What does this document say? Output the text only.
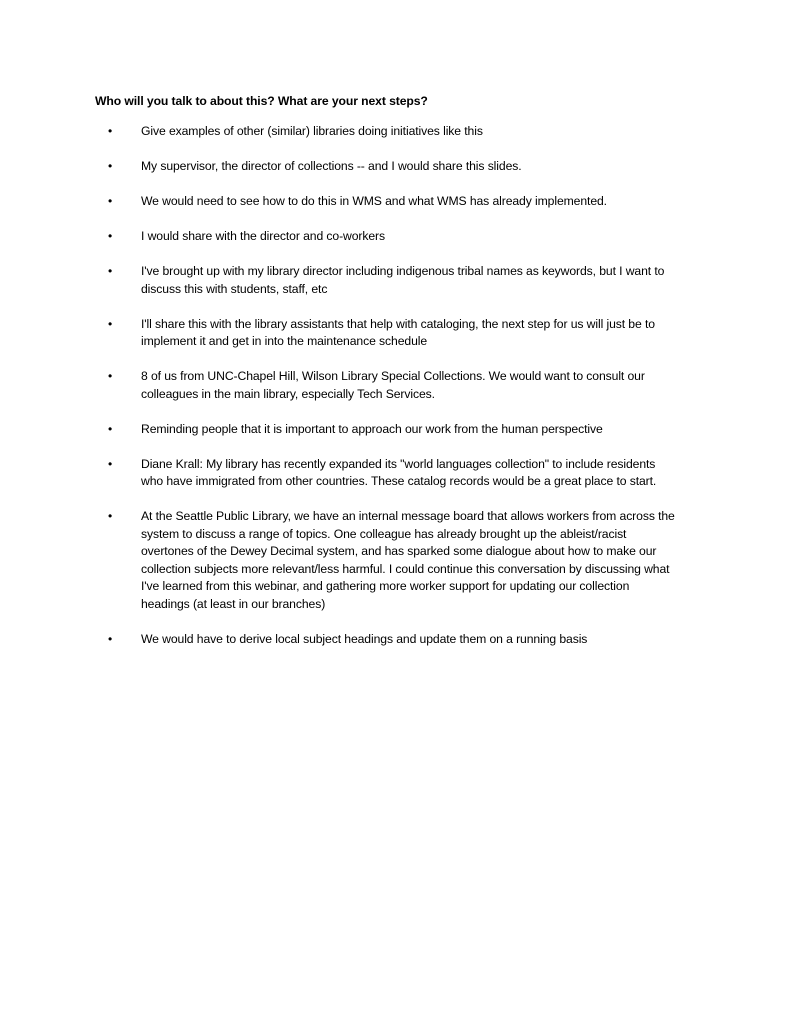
Who will you talk to about this? What are your next steps?
•	Give examples of other (similar) libraries doing initiatives like this
•	My supervisor, the director of collections -- and I would share this slides.
•	We would need to see how to do this in WMS and what WMS has already implemented.
•	I would share with the director and co-workers
•	I've brought up with my library director including indigenous tribal names as keywords, but I want to discuss this with students, staff, etc
•	I'll share this with the library assistants that help with cataloging, the next step for us will just be to implement it and get in into the maintenance schedule
•	8 of us from UNC-Chapel Hill, Wilson Library Special Collections. We would want to consult our colleagues in the main library, especially Tech Services.
•	Reminding people that it is important to approach our work from the human perspective
•	Diane Krall: My library has recently expanded its "world languages collection" to include residents who have immigrated from other countries. These catalog records would be a great place to start.
•	At the Seattle Public Library, we have an internal message board that allows workers from across the system to discuss a range of topics. One colleague has already brought up the ableist/racist overtones of the Dewey Decimal system, and has sparked some dialogue about how to make our collection subjects more relevant/less harmful. I could continue this conversation by discussing what I've learned from this webinar, and gathering more worker support for updating our collection headings (at least in our branches)
•	We would have to derive local subject headings and update them on a running basis
